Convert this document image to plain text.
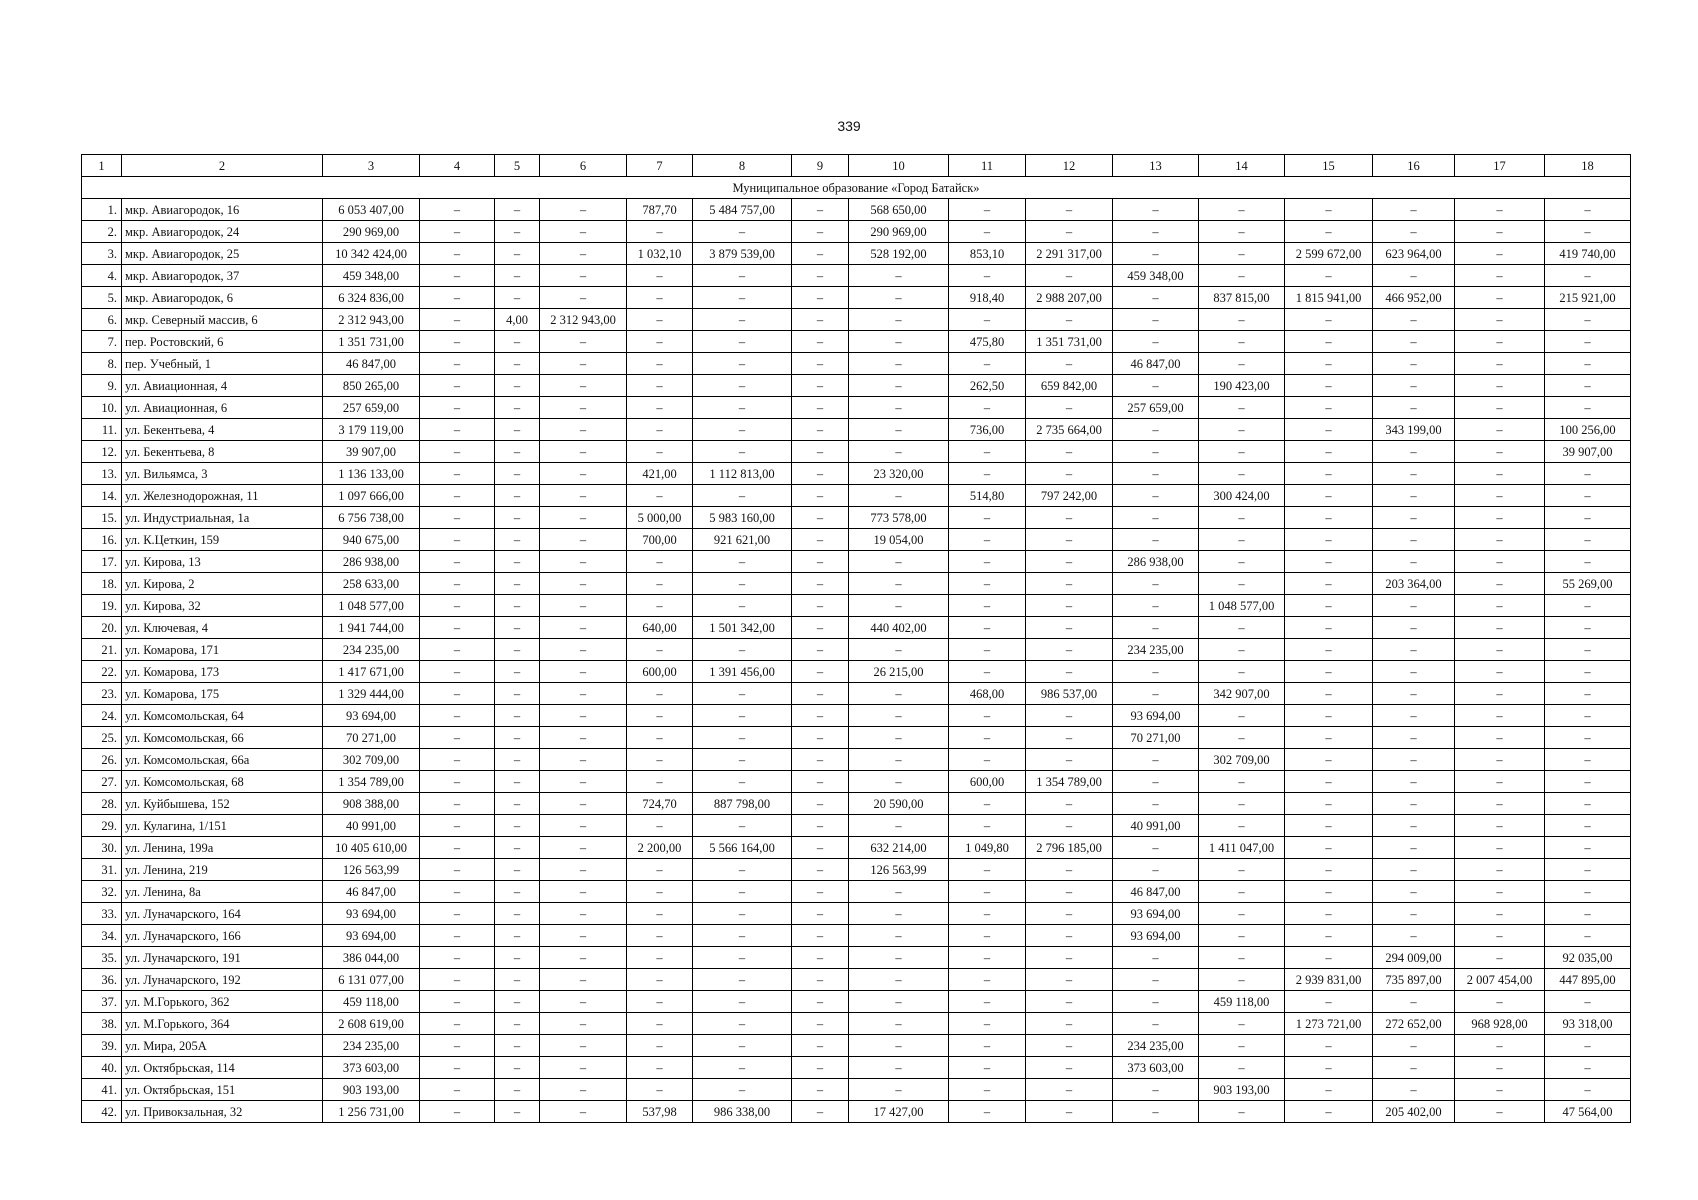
339
1	2	3	4	5	6	7	8	9	10	11	12	13	14	15	16	17	18
Муниципальное образование «Город Батайск»																	
1.	мкр. Авиагородок, 16	6 053 407,00	–	–	–	787,70	5 484 757,00	–	568 650,00	–	–	–	–	–	–	–	–
2.	мкр. Авиагородок, 24	290 969,00	–	–	–	–	–	–	290 969,00	–	–	–	–	–	–	–	–
3.	мкр. Авиагородок, 25	10 342 424,00	–	–	–	1 032,10	3 879 539,00	–	528 192,00	853,10	2 291 317,00	–	–	2 599 672,00	623 964,00	–	419 740,00
4.	мкр. Авиагородок, 37	459 348,00	–	–	–	–	–	–	–	–	–	459 348,00	–	–	–	–	–
5.	мкр. Авиагородок, 6	6 324 836,00	–	–	–	–	–	–	–	918,40	2 988 207,00	–	837 815,00	1 815 941,00	466 952,00	–	215 921,00
6.	мкр. Северный массив, 6	2 312 943,00	–	4,00	2 312 943,00	–	–	–	–	–	–	–	–	–	–	–	–
7.	пер. Ростовский, 6	1 351 731,00	–	–	–	–	–	–	–	475,80	1 351 731,00	–	–	–	–	–	–
8.	пер. Учебный, 1	46 847,00	–	–	–	–	–	–	–	–	–	46 847,00	–	–	–	–	–
9.	ул. Авиационная, 4	850 265,00	–	–	–	–	–	–	–	262,50	659 842,00	–	190 423,00	–	–	–	–
10.	ул. Авиационная, 6	257 659,00	–	–	–	–	–	–	–	–	–	257 659,00	–	–	–	–	–
11.	ул. Бекентьева, 4	3 179 119,00	–	–	–	–	–	–	–	736,00	2 735 664,00	–	–	–	343 199,00	–	100 256,00
12.	ул. Бекентьева, 8	39 907,00	–	–	–	–	–	–	–	–	–	–	–	–	–	–	39 907,00
13.	ул. Вильямса, 3	1 136 133,00	–	–	–	421,00	1 112 813,00	–	23 320,00	–	–	–	–	–	–	–	–
14.	ул. Железнодорожная, 11	1 097 666,00	–	–	–	–	–	–	–	514,80	797 242,00	–	300 424,00	–	–	–	–
15.	ул. Индустриальная, 1а	6 756 738,00	–	–	–	5 000,00	5 983 160,00	–	773 578,00	–	–	–	–	–	–	–	–
16.	ул. К.Цеткин, 159	940 675,00	–	–	–	700,00	921 621,00	–	19 054,00	–	–	–	–	–	–	–	–
17.	ул. Кирова, 13	286 938,00	–	–	–	–	–	–	–	–	–	286 938,00	–	–	–	–	–
18.	ул. Кирова, 2	258 633,00	–	–	–	–	–	–	–	–	–	–	–	–	203 364,00	–	55 269,00
19.	ул. Кирова, 32	1 048 577,00	–	–	–	–	–	–	–	–	–	–	1 048 577,00	–	–	–	–
20.	ул. Ключевая, 4	1 941 744,00	–	–	–	640,00	1 501 342,00	–	440 402,00	–	–	–	–	–	–	–	–
21.	ул. Комарова, 171	234 235,00	–	–	–	–	–	–	–	–	–	234 235,00	–	–	–	–	–
22.	ул. Комарова, 173	1 417 671,00	–	–	–	600,00	1 391 456,00	–	26 215,00	–	–	–	–	–	–	–	–
23.	ул. Комарова, 175	1 329 444,00	–	–	–	–	–	–	–	468,00	986 537,00	–	342 907,00	–	–	–	–
24.	ул. Комсомольская, 64	93 694,00	–	–	–	–	–	–	–	–	–	93 694,00	–	–	–	–	–
25.	ул. Комсомольская, 66	70 271,00	–	–	–	–	–	–	–	–	–	70 271,00	–	–	–	–	–
26.	ул. Комсомольская, 66а	302 709,00	–	–	–	–	–	–	–	–	–	–	302 709,00	–	–	–	–
27.	ул. Комсомольская, 68	1 354 789,00	–	–	–	–	–	–	–	600,00	1 354 789,00	–	–	–	–	–	–
28.	ул. Куйбышева, 152	908 388,00	–	–	–	724,70	887 798,00	–	20 590,00	–	–	–	–	–	–	–	–
29.	ул. Кулагина, 1/151	40 991,00	–	–	–	–	–	–	–	–	–	40 991,00	–	–	–	–	–
30.	ул. Ленина, 199а	10 405 610,00	–	–	–	2 200,00	5 566 164,00	–	632 214,00	1 049,80	2 796 185,00	–	1 411 047,00	–	–	–	–
31.	ул. Ленина, 219	126 563,99	–	–	–	–	–	–	126 563,99	–	–	–	–	–	–	–	–
32.	ул. Ленина, 8а	46 847,00	–	–	–	–	–	–	–	–	–	46 847,00	–	–	–	–	–
33.	ул. Луначарского, 164	93 694,00	–	–	–	–	–	–	–	–	–	93 694,00	–	–	–	–	–
34.	ул. Луначарского, 166	93 694,00	–	–	–	–	–	–	–	–	–	93 694,00	–	–	–	–	–
35.	ул. Луначарского, 191	386 044,00	–	–	–	–	–	–	–	–	–	–	–	–	294 009,00	–	92 035,00
36.	ул. Луначарского, 192	6 131 077,00	–	–	–	–	–	–	–	–	–	–	–	2 939 831,00	735 897,00	2 007 454,00	447 895,00
37.	ул. М.Горького, 362	459 118,00	–	–	–	–	–	–	–	–	–	–	459 118,00	–	–	–	–
38.	ул. М.Горького, 364	2 608 619,00	–	–	–	–	–	–	–	–	–	–	–	1 273 721,00	272 652,00	968 928,00	93 318,00
39.	ул. Мира, 205А	234 235,00	–	–	–	–	–	–	–	–	–	234 235,00	–	–	–	–	–
40.	ул. Октябрьская, 114	373 603,00	–	–	–	–	–	–	–	–	–	373 603,00	–	–	–	–	–
41.	ул. Октябрьская, 151	903 193,00	–	–	–	–	–	–	–	–	–	–	903 193,00	–	–	–	–
42.	ул. Привокзальная, 32	1 256 731,00	–	–	–	537,98	986 338,00	–	17 427,00	–	–	–	–	–	205 402,00	–	47 564,00
